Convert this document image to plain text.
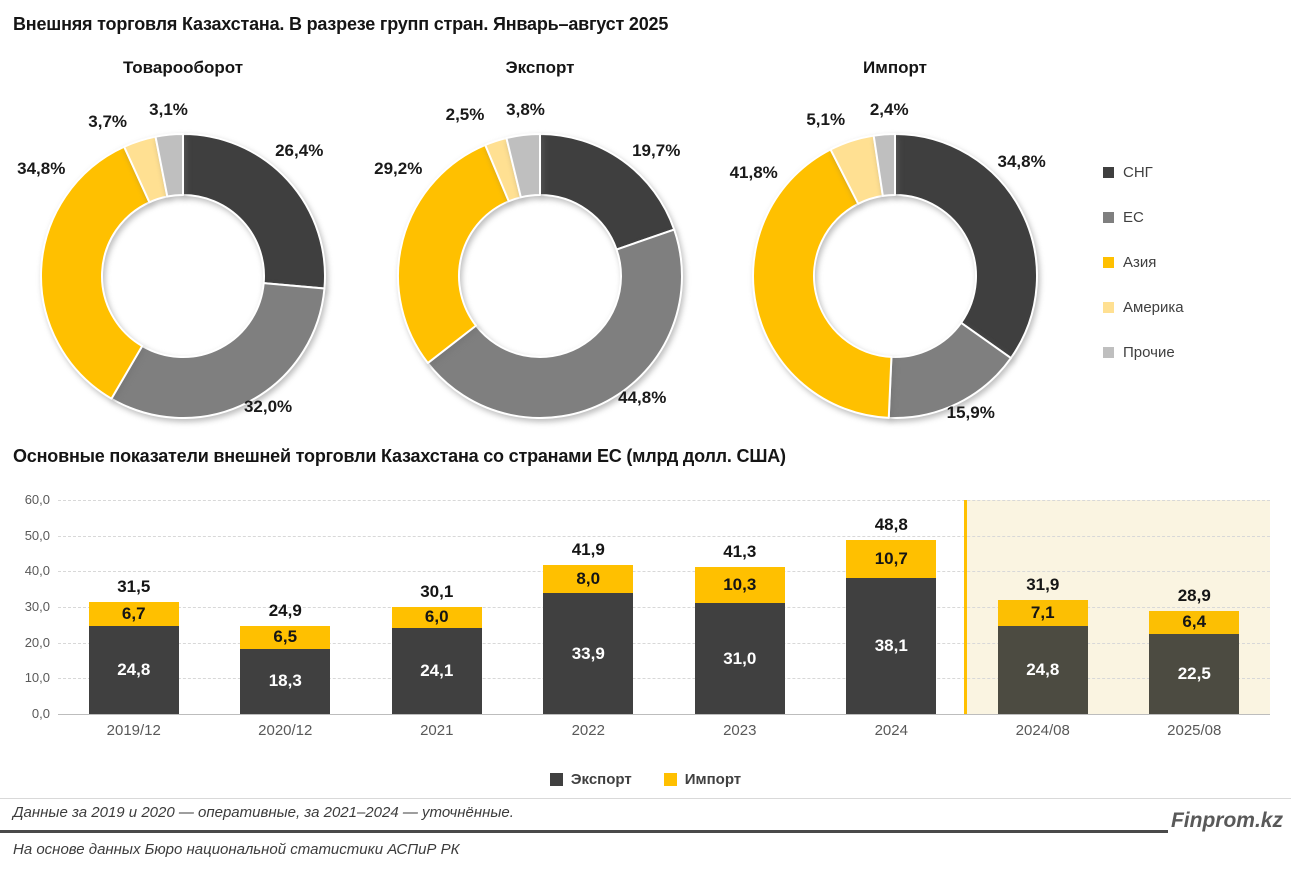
Внешняя торговля Казахстана. В разрезе групп стран. Январь–август 2025
Товарооборот
26,4%
32,0%
34,8%
3,7%
3,1%
Экспорт
19,7%
44,8%
29,2%
2,5% 3,8%
Импорт
34,8%
15,9%
41,8%
5,1%
2,4%
СНГ
ЕС
Азия
Америка
Прочие
Основные показатели внешней торговли Казахстана со странами ЕС (млрд долл. США)
24,8
6,7
31,5
2019/12
18,3
6,5
24,9
2020/12
24,1
6,0
30,1
2021
33,9
8,0
41,9
2022
31,0
10,3
41,3
2023
38,1
10,7
48,8
2024
24,8
7,1
31,9
2024/08
22,5
6,4
28,9
2025/08
Экспорт	Импорт
Данные за 2019 и 2020 — оперативные, за 2021–2024 — уточнённые.
На основе данных Бюро национальной статистики АСПиР РК
Finprom.kz
60,0
50,0
40,0
30,0
20,0
10,0
0,0
